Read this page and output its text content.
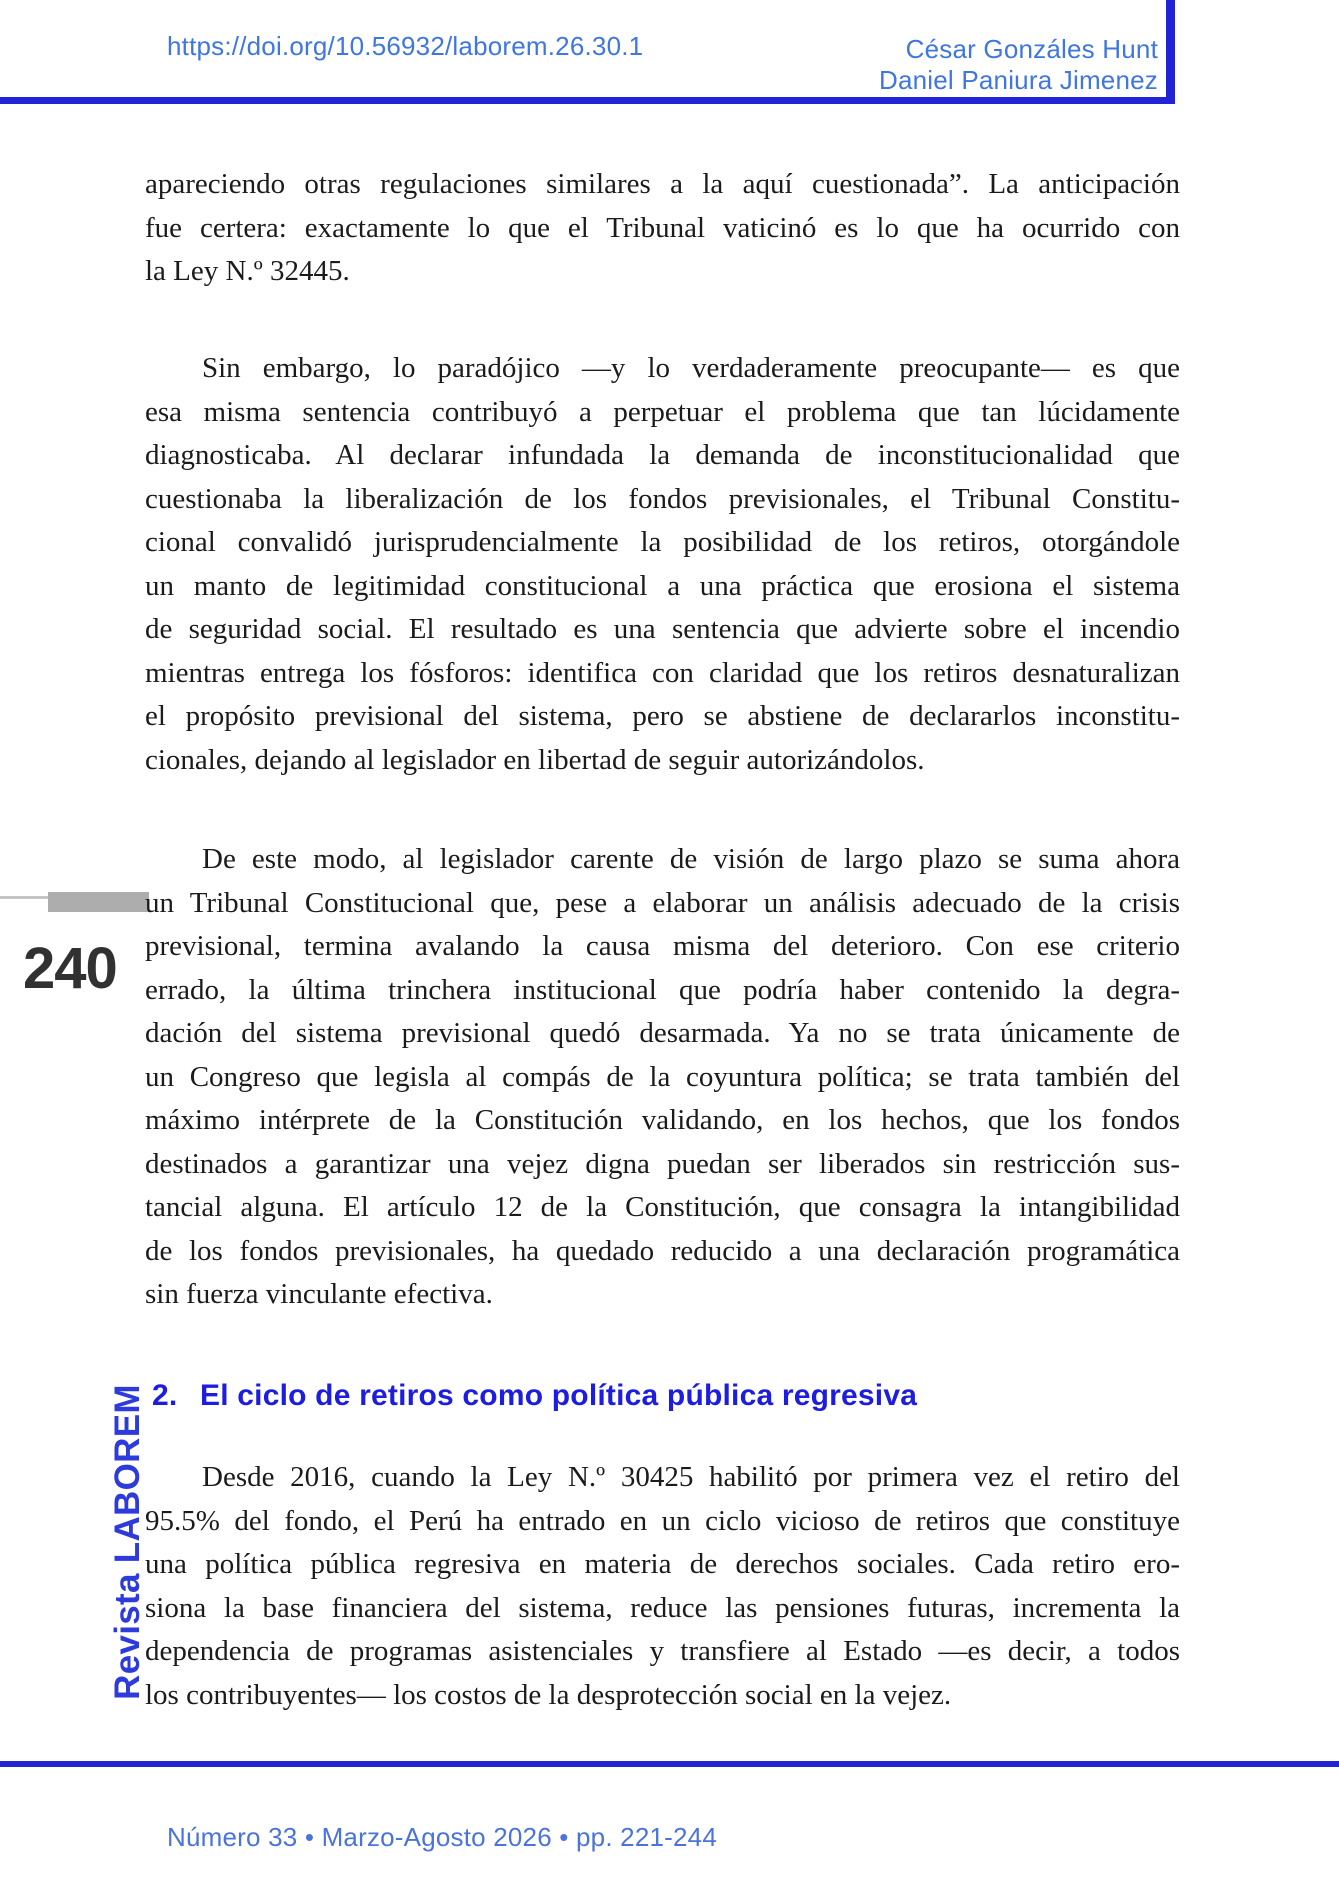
https://doi.org/10.56932/laborem.26.30.1	César Gonzáles Hunt
Daniel Paniura Jimenez
240
Revista LABOREM
apareciendo otras regulaciones similares a la aquí cuestionada”. La anticipación
fue certera: exactamente lo que el Tribunal vaticinó es lo que ha ocurrido con
la Ley N.º 32445.
Sin embargo, lo paradójico —y lo verdaderamente preocupante— es que
esa misma sentencia contribuyó a perpetuar el problema que tan lúcidamente
diagnosticaba. Al declarar infundada la demanda de inconstitucionalidad que
cuestionaba la liberalización de los fondos previsionales, el Tribunal Constitu-
cional convalidó jurisprudencialmente la posibilidad de los retiros, otorgándole
un manto de legitimidad constitucional a una práctica que erosiona el sistema
de seguridad social. El resultado es una sentencia que advierte sobre el incendio
mientras entrega los fósforos: identifica con claridad que los retiros desnaturalizan
el propósito previsional del sistema, pero se abstiene de declararlos inconstitu-
cionales, dejando al legislador en libertad de seguir autorizándolos.
De este modo, al legislador carente de visión de largo plazo se suma ahora
un Tribunal Constitucional que, pese a elaborar un análisis adecuado de la crisis
previsional, termina avalando la causa misma del deterioro. Con ese criterio
errado, la última trinchera institucional que podría haber contenido la degra-
dación del sistema previsional quedó desarmada. Ya no se trata únicamente de
un Congreso que legisla al compás de la coyuntura política; se trata también del
máximo intérprete de la Constitución validando, en los hechos, que los fondos
destinados a garantizar una vejez digna puedan ser liberados sin restricción sus-
tancial alguna. El artículo 12 de la Constitución, que consagra la intangibilidad
de los fondos previsionales, ha quedado reducido a una declaración programática
sin fuerza vinculante efectiva.
2. El ciclo de retiros como política pública regresiva
Desde 2016, cuando la Ley N.º 30425 habilitó por primera vez el retiro del
95.5% del fondo, el Perú ha entrado en un ciclo vicioso de retiros que constituye
una política pública regresiva en materia de derechos sociales. Cada retiro ero-
siona la base financiera del sistema, reduce las pensiones futuras, incrementa la
dependencia de programas asistenciales y transfiere al Estado —es decir, a todos
los contribuyentes— los costos de la desprotección social en la vejez.
Número 33 • Marzo-Agosto 2026 • pp. 221-244
